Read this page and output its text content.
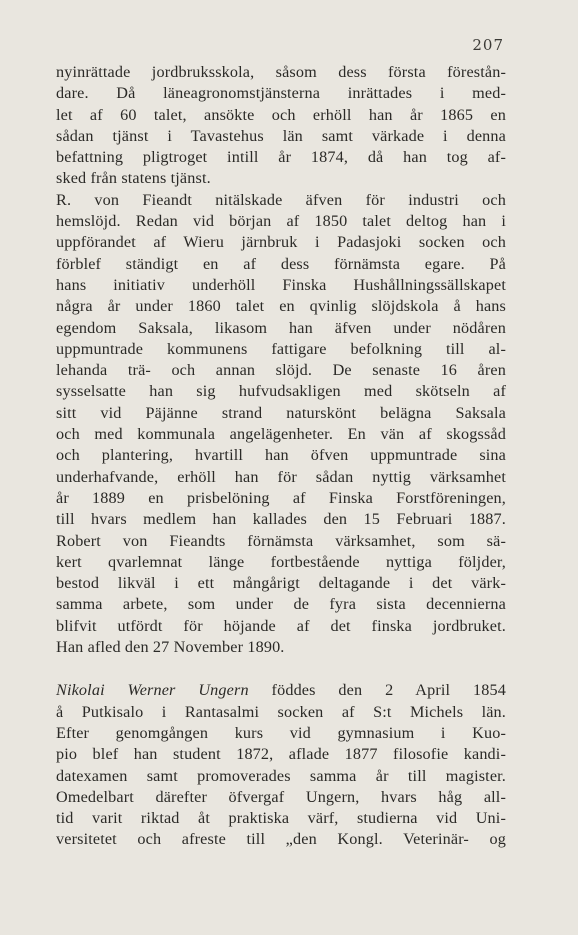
207
nyinrättade jordbruksskola, såsom dess första förestån-
dare. Då läneagronomstjänsterna inrättades i med-
let af 60 talet, ansökte och erhöll han år 1865 en
sådan tjänst i Tavastehus län samt värkade i denna
befattning pligtroget intill år 1874, då han tog af-
sked från statens tjänst.
R. von Fieandt nitälskade äfven för industri och
hemslöjd. Redan vid början af 1850 talet deltog han i
uppförandet af Wieru järnbruk i Padasjoki socken och
förblef ständigt en af dess förnämsta egare. På
hans initiativ underhöll Finska Hushållningssällskapet
några år under 1860 talet en qvinlig slöjdskola å hans
egendom Saksala, likasom han äfven under nödåren
uppmuntrade kommunens fattigare befolkning till al-
lehanda trä- och annan slöjd. De senaste 16 åren
sysselsatte han sig hufvudsakligen med skötseln af
sitt vid Päjänne strand naturskönt belägna Saksala
och med kommunala angelägenheter. En vän af skogssåd
och plantering, hvartill han öfven uppmuntrade sina
underhafvande, erhöll han för sådan nyttig värksamhet
år 1889 en prisbelöning af Finska Forstföreningen,
till hvars medlem han kallades den 15 Februari 1887.
Robert von Fieandts förnämsta värksamhet, som sä-
kert qvarlemnat länge fortbestående nyttiga följder,
bestod likväl i ett mångårigt deltagande i det värk-
samma arbete, som under de fyra sista decennierna
blifvit utfördt för höjande af det finska jordbruket.
Han afled den 27 November 1890.
Nikolai Werner Ungern föddes den 2 April 1854
å Putkisalo i Rantasalmi socken af S:t Michels län.
Efter genomgången kurs vid gymnasium i Kuo-
pio blef han student 1872, aflade 1877 filosofie kandi-
datexamen samt promoverades samma år till magister.
Omedelbart därefter öfvergaf Ungern, hvars håg all-
tid varit riktad åt praktiska värf, studierna vid Uni-
versitetet och afreste till „den Kongl. Veterinär- og
